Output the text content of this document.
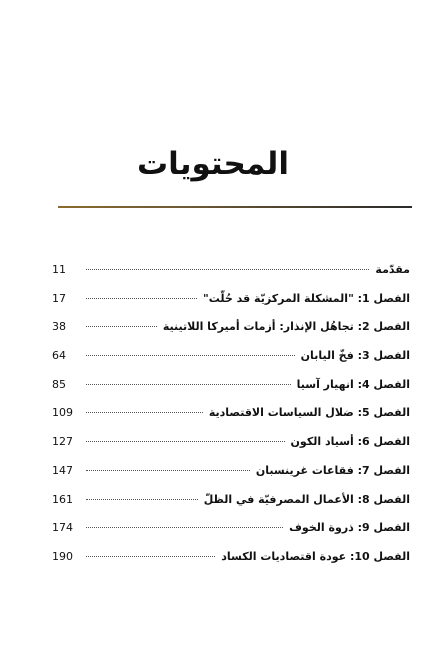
المحتويات
11	مقدّمة
17	الفصل 1: "المشكلة المركزيّة قد حُلّت"
38	الفصل 2: تجاهُل الإنذار: أزمات أميركا اللاتينية
64	الفصل 3: فخّ اليابان
85	الفصل 4: انهيار آسيا
109	الفصل 5: ضلال السياسات الاقتصادية
127	الفصل 6: أسياد الكون
147	الفصل 7: فقاعات غرينسبان
161	الفصل 8: الأعمال المصرفيّة في الظلّ
174	الفصل 9: ذروة الخوف
190	الفصل 10: عودة اقتصاديات الكساد
